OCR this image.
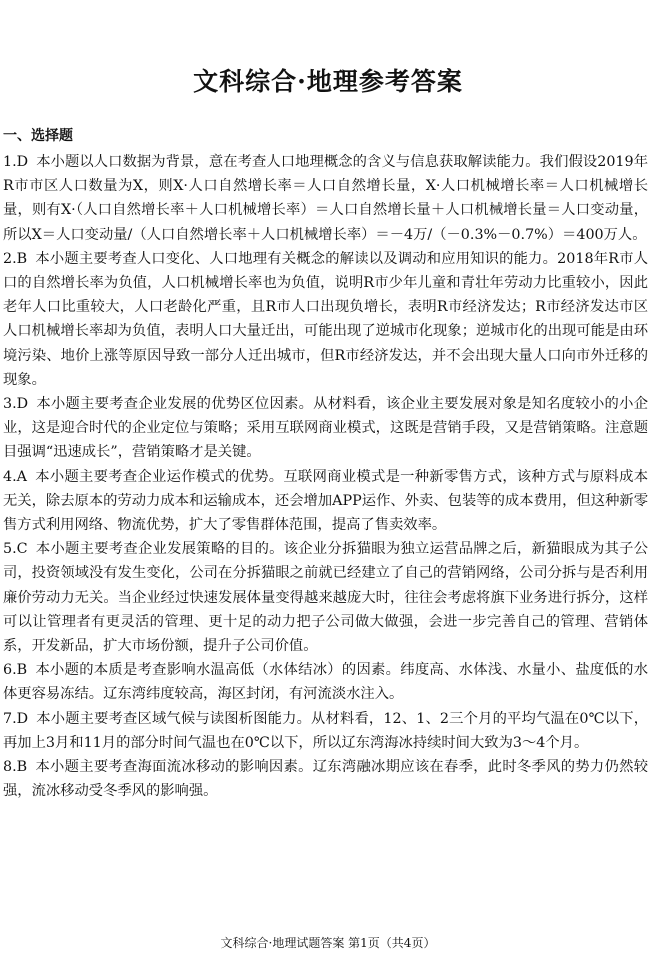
文科综合·地理参考答案
一、选择题

1.D 本小题以人口数据为背景，意在考查人口地理概念的含义与信息获取解读能力。我们假设2019年R市市区人口数量为X，则X·人口自然增长率＝人口自然增长量，X·人口机械增长率＝人口机械增长量，则有X·（人口自然增长率＋人口机械增长率）＝人口自然增长量＋人口机械增长量＝人口变动量，所以X＝人口变动量/（人口自然增长率＋人口机械增长率）＝－4万/（－0.3%－0.7%）＝400万人。

2.B 本小题主要考查人口变化、人口地理有关概念的解读以及调动和应用知识的能力。2018年R市人口的自然增长率为负值，人口机械增长率也为负值，说明R市少年儿童和青壮年劳动力比重较小，因此老年人口比重较大，人口老龄化严重，且R市人口出现负增长，表明R市经济发达；R市经济发达市区人口机械增长率却为负值，表明人口大量迁出，可能出现了逆城市化现象；逆城市化的出现可能是由环境污染、地价上涨等原因导致一部分人迁出城市，但R市经济发达，并不会出现大量人口向市外迁移的现象。

3.D 本小题主要考查企业发展的优势区位因素。从材料看，该企业主要发展对象是知名度较小的小企业，这是迎合时代的企业定位与策略；采用互联网商业模式，这既是营销手段，又是营销策略。注意题目强调“迅速成长”，营销策略才是关键。

4.A 本小题主要考查企业运作模式的优势。互联网商业模式是一种新零售方式，该种方式与原料成本无关，除去原本的劳动力成本和运输成本，还会增加APP运作、外卖、包装等的成本费用，但这种新零售方式利用网络、物流优势，扩大了零售群体范围，提高了售卖效率。

5.C 本小题主要考查企业发展策略的目的。该企业分拆猫眼为独立运营品牌之后，新猫眼成为其子公司，投资领域没有发生变化，公司在分拆猫眼之前就已经建立了自己的营销网络，公司分拆与是否利用廉价劳动力无关。当企业经过快速发展体量变得越来越庞大时，往往会考虑将旗下业务进行拆分，这样可以让管理者有更灵活的管理、更十足的动力把子公司做大做强，会进一步完善自己的管理、营销体系，开发新品，扩大市场份额，提升子公司价值。

6.B 本小题的本质是考查影响水温高低（水体结冰）的因素。纬度高、水体浅、水量小、盐度低的水体更容易冻结。辽东湾纬度较高，海区封闭，有河流淡水注入。

7.D 本小题主要考查区域气候与读图析图能力。从材料看，12、1、2三个月的平均气温在0℃以下，再加上3月和11月的部分时间气温也在0℃以下，所以辽东湾海冰持续时间大致为3～4个月。

8.B 本小题主要考查海面流冰移动的影响因素。辽东湾融冰期应该在春季，此时冬季风的势力仍然较强，流冰移动受冬季风的影响强。

文科综合·地理试题答案 第1页（共4页）
